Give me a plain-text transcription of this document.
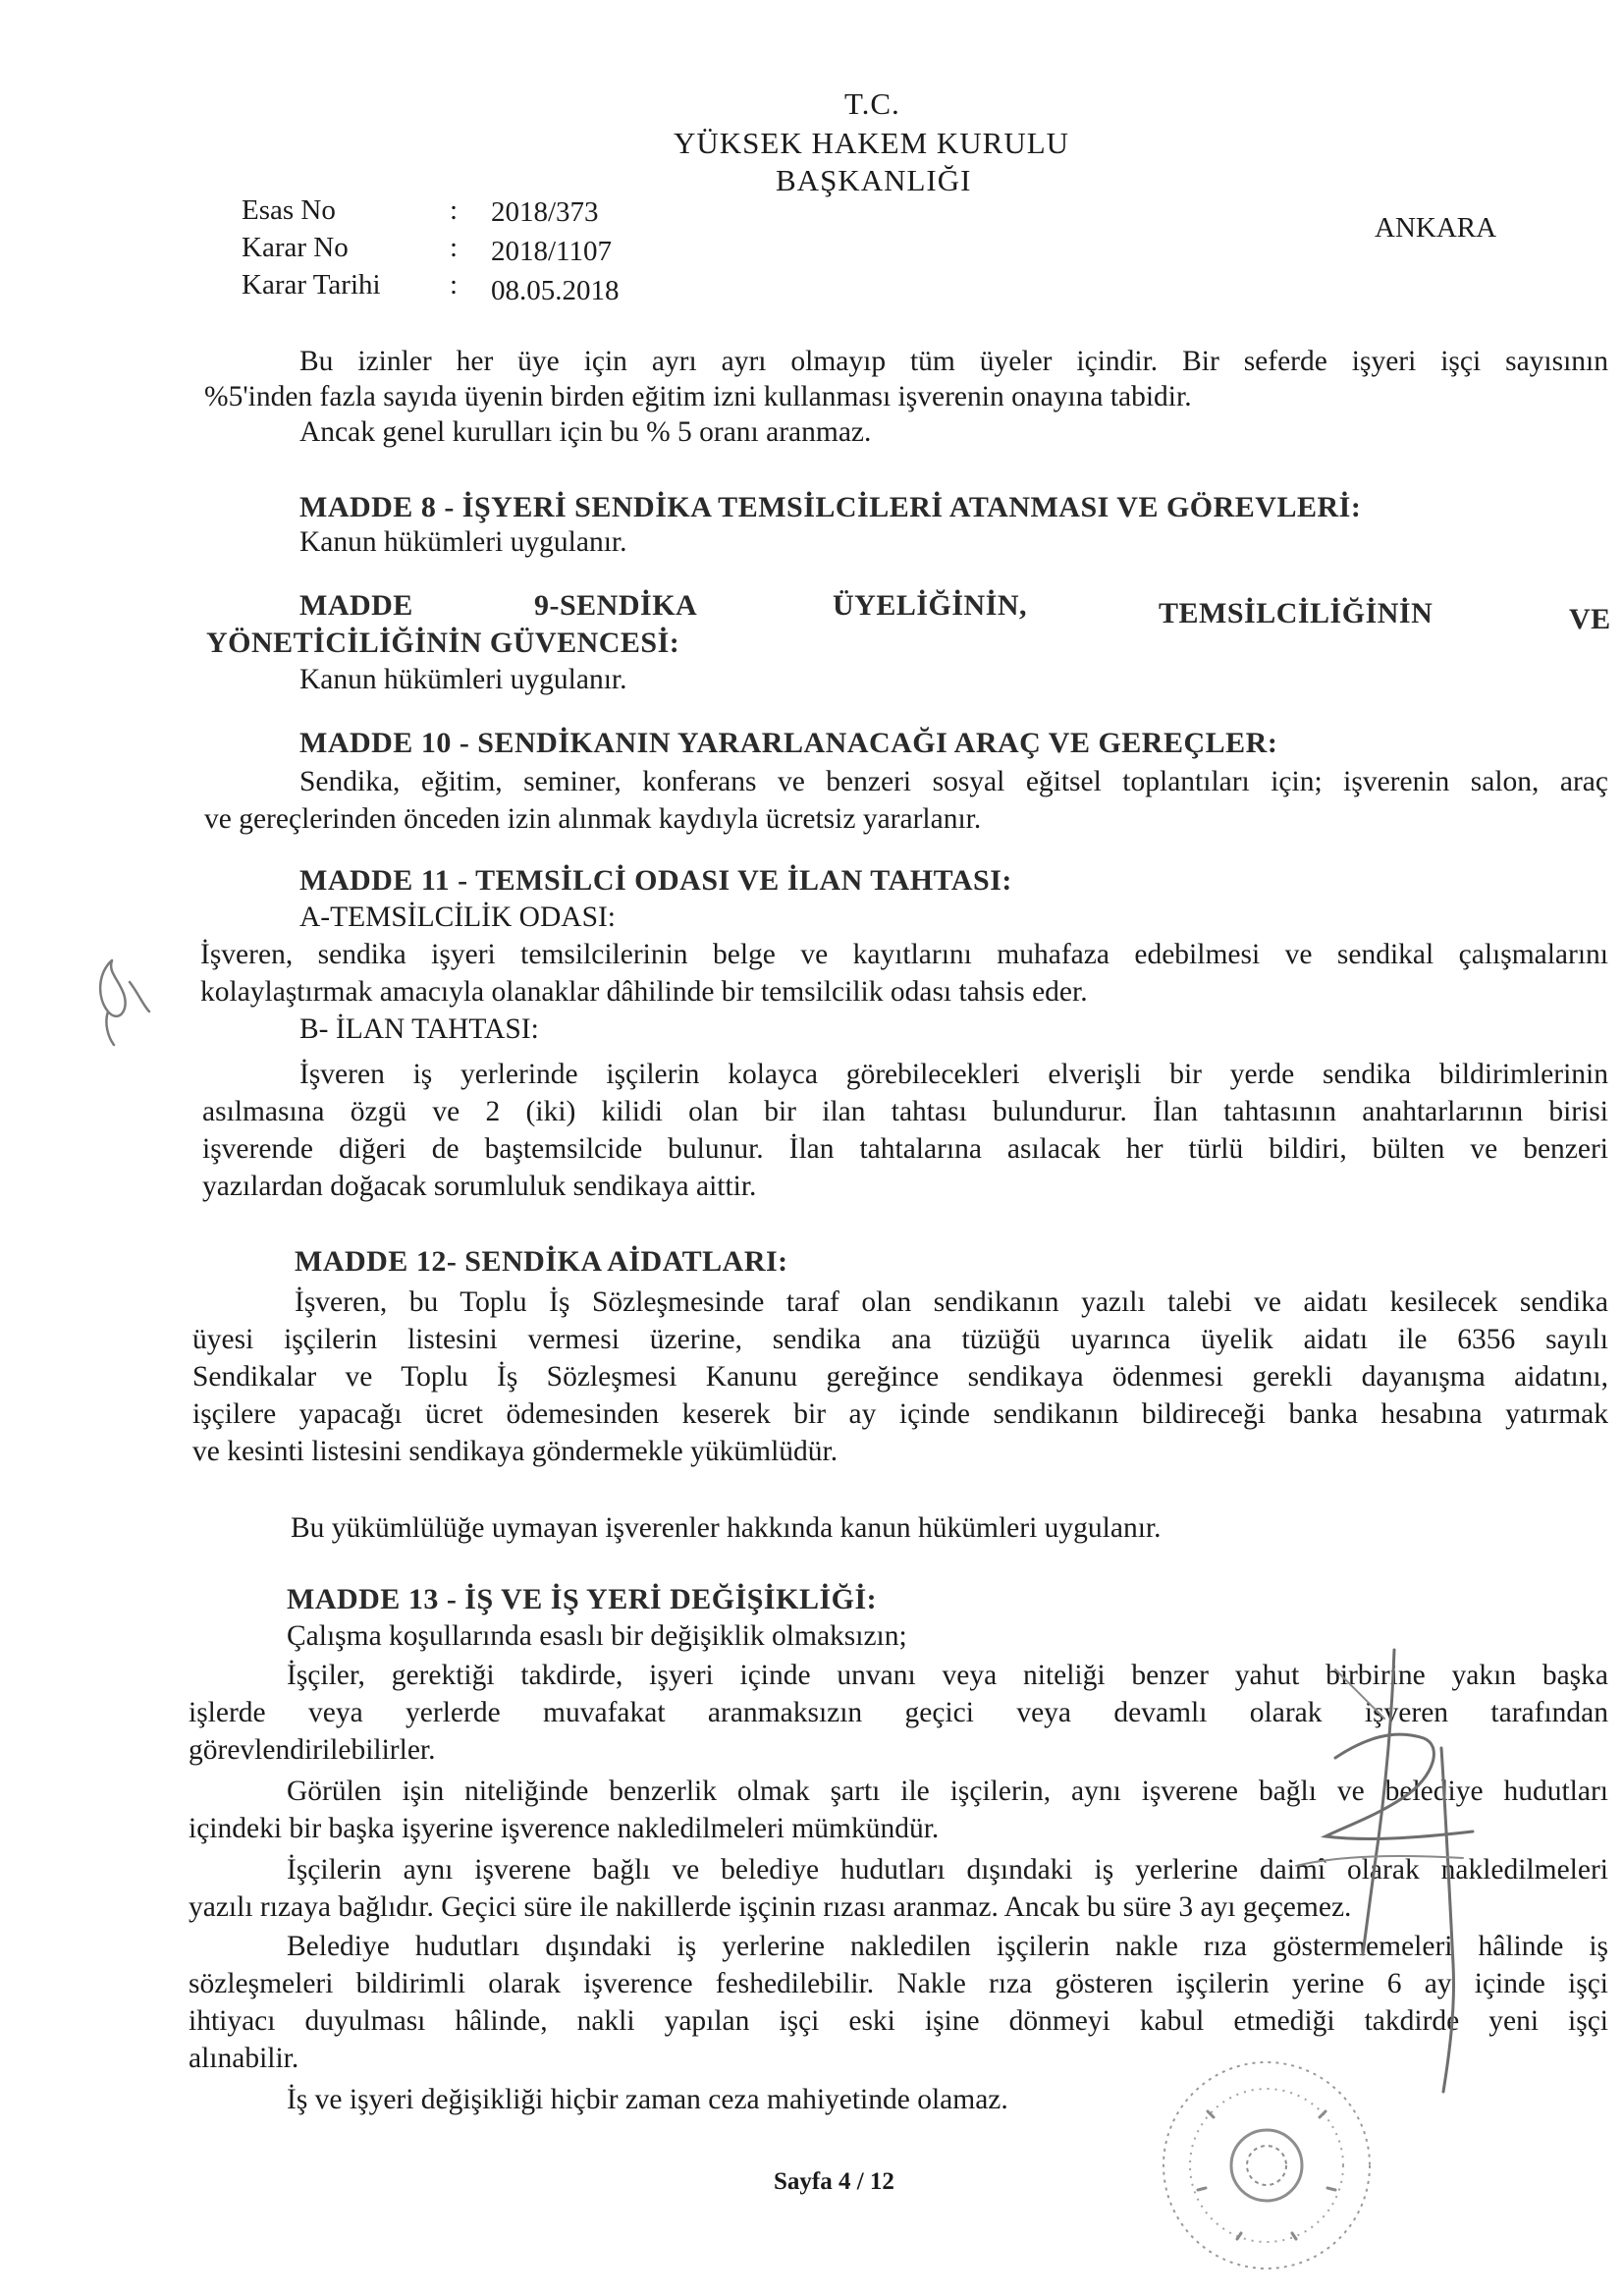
T.C.
YÜKSEK HAKEM KURULU
BAŞKANLIĞI
ANKARA
Esas No	: 2018/373
Karar No	: 2018/1107
Karar Tarihi : 08.05.2018
Bu izinler her üye için ayrı ayrı olmayıp tüm üyeler içindir. Bir seferde işyeri işçi sayısının
%5'inden fazla sayıda üyenin birden eğitim izni kullanması işverenin onayına tabidir.
Ancak genel kurulları için bu % 5 oranı aranmaz.
MADDE 8 - İŞYERİ SENDİKA TEMSİLCİLERİ ATANMASI VE GÖREVLERİ:
Kanun hükümleri uygulanır.
MADDE	9-SENDİKA	ÜYELİĞİNİN,	TEMSİLCİLİĞİNİN	VE
YÖNETİCİLİĞİNİN GÜVENCESİ:
Kanun hükümleri uygulanır.
MADDE 10 - SENDİKANIN YARARLANACAĞI ARAÇ VE GEREÇLER:
Sendika, eğitim, seminer, konferans ve benzeri sosyal eğitsel toplantıları için; işverenin salon, araç
ve gereçlerinden önceden izin alınmak kaydıyla ücretsiz yararlanır.
MADDE 11 - TEMSİLCİ ODASI VE İLAN TAHTASI:
A-TEMSİLCİLİK ODASI:
İşveren, sendika işyeri temsilcilerinin belge ve kayıtlarını muhafaza edebilmesi ve sendikal çalışmalarını
kolaylaştırmak amacıyla olanaklar dâhilinde bir temsilcilik odası tahsis eder.
B- İLAN TAHTASI:
İşveren iş yerlerinde işçilerin kolayca görebilecekleri elverişli bir yerde sendika bildirimlerinin
asılmasına özgü ve 2 (iki) kilidi olan bir ilan tahtası bulundurur. İlan tahtasının anahtarlarının birisi
işverende diğeri de baştemsilcide bulunur. İlan tahtalarına asılacak her türlü bildiri, bülten ve benzeri
yazılardan doğacak sorumluluk sendikaya aittir.
MADDE 12- SENDİKA AİDATLARI:
İşveren, bu Toplu İş Sözleşmesinde taraf olan sendikanın yazılı talebi ve aidatı kesilecek sendika
üyesi işçilerin listesini vermesi üzerine, sendika ana tüzüğü uyarınca üyelik aidatı ile 6356 sayılı
Sendikalar ve Toplu İş Sözleşmesi Kanunu gereğince sendikaya ödenmesi gerekli dayanışma aidatını,
işçilere yapacağı ücret ödemesinden keserek bir ay içinde sendikanın bildireceği banka hesabına yatırmak
ve kesinti listesini sendikaya göndermekle yükümlüdür.
Bu yükümlülüğe uymayan işverenler hakkında kanun hükümleri uygulanır.
MADDE 13 - İŞ VE İŞ YERİ DEĞİŞİKLİĞİ:
Çalışma koşullarında esaslı bir değişiklik olmaksızın;
İşçiler, gerektiği takdirde, işyeri içinde unvanı veya niteliği benzer yahut birbirine yakın başka
işlerde veya yerlerde muvafakat aranmaksızın geçici veya devamlı olarak işveren tarafından
görevlendirilebilirler.
Görülen işin niteliğinde benzerlik olmak şartı ile işçilerin, aynı işverene bağlı ve belediye hudutları
içindeki bir başka işyerine işverence nakledilmeleri mümkündür.
İşçilerin aynı işverene bağlı ve belediye hudutları dışındaki iş yerlerine daimî olarak nakledilmeleri
yazılı rızaya bağlıdır. Geçici süre ile nakillerde işçinin rızası aranmaz. Ancak bu süre 3 ayı geçemez.
Belediye hudutları dışındaki iş yerlerine nakledilen işçilerin nakle rıza göstermemeleri hâlinde iş
sözleşmeleri bildirimli olarak işverence feshedilebilir. Nakle rıza gösteren işçilerin yerine 6 ay içinde işçi
ihtiyacı duyulması hâlinde, nakli yapılan işçi eski işine dönmeyi kabul etmediği takdirde yeni işçi
alınabilir.
İş ve işyeri değişikliği hiçbir zaman ceza mahiyetinde olamaz.
Sayfa 4 / 12
